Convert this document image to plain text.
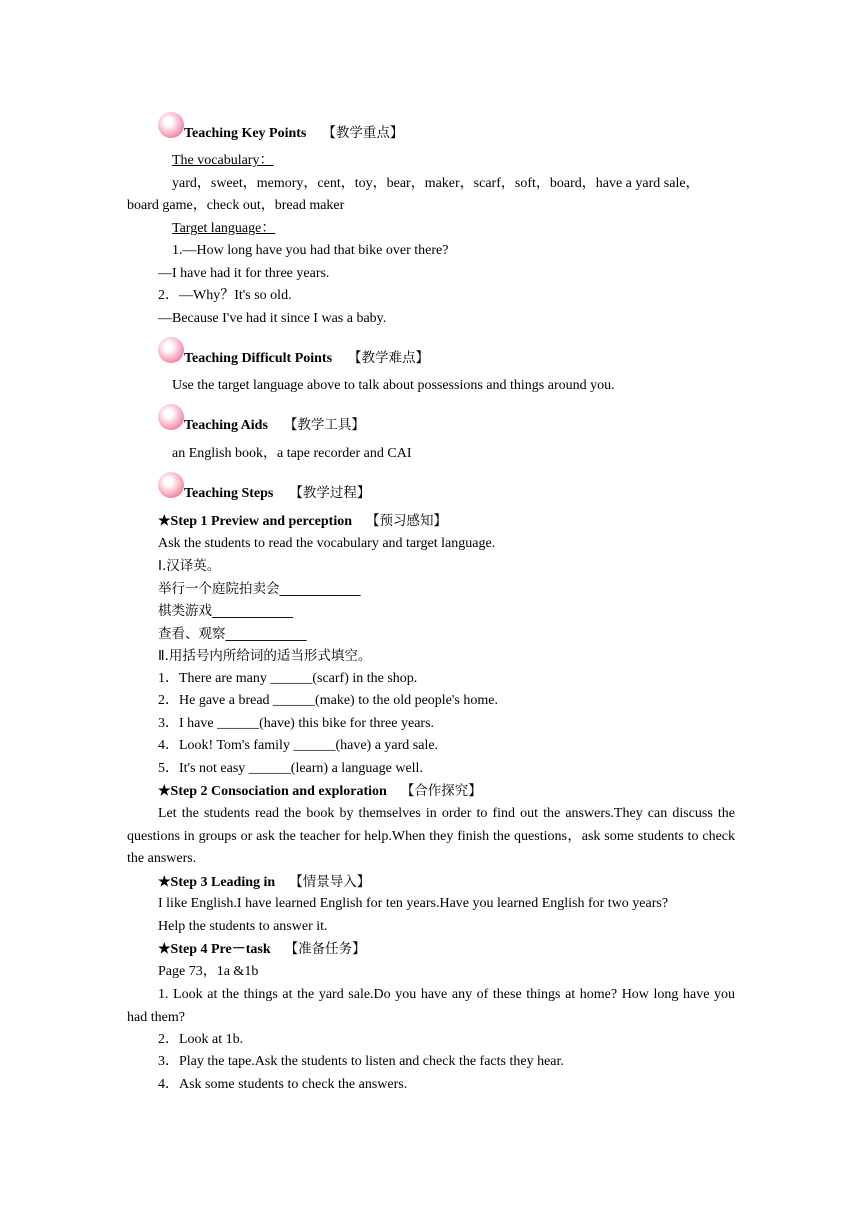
Teaching Key Points 【教学重点】
The vocabulary：
yard，sweet，memory，cent，toy，bear，maker，scarf，soft，board，have a yard sale，
board game，check out，bread maker
Target language：
1.—How long have you had that bike over there?
—I have had it for three years.
2．—Why？It's so old.
—Because I've had it since I was a baby.
Teaching Difficult Points 【教学难点】
Use the target language above to talk about possessions and things around you.
Teaching Aids 【教学工具】
an English book，a tape recorder and CAI
Teaching Steps 【教学过程】
★Step 1 Preview and perception 【预习感知】
Ask the students to read the vocabulary and target language.
Ⅰ.汉译英。
举行一个庭院拍卖会____________
棋类游戏____________
查看、观察____________
Ⅱ.用括号内所给词的适当形式填空。
1．There are many ______(scarf) in the shop.
2．He gave a bread ______(make) to the old people's home.
3．I have ______(have) this bike for three years.
4．Look! Tom's family ______(have) a yard sale.
5．It's not easy ______(learn) a language well.
★Step 2 Consociation and exploration 【合作探究】
Let the students read the book by themselves in order to find out the answers.They can discuss the questions in groups or ask the teacher for help.When they finish the questions，ask some students to check the answers.
★Step 3 Leading in 【情景导入】
I like English.I have learned English for ten years.Have you learned English for two years?
Help the students to answer it.
★Step 4 Pre－task 【准备任务】
Page 73，1a &1b
1. Look at the things at the yard sale.Do you have any of these things at home? How long have you had them?
2．Look at 1b.
3．Play the tape.Ask the students to listen and check the facts they hear.
4．Ask some students to check the answers.
